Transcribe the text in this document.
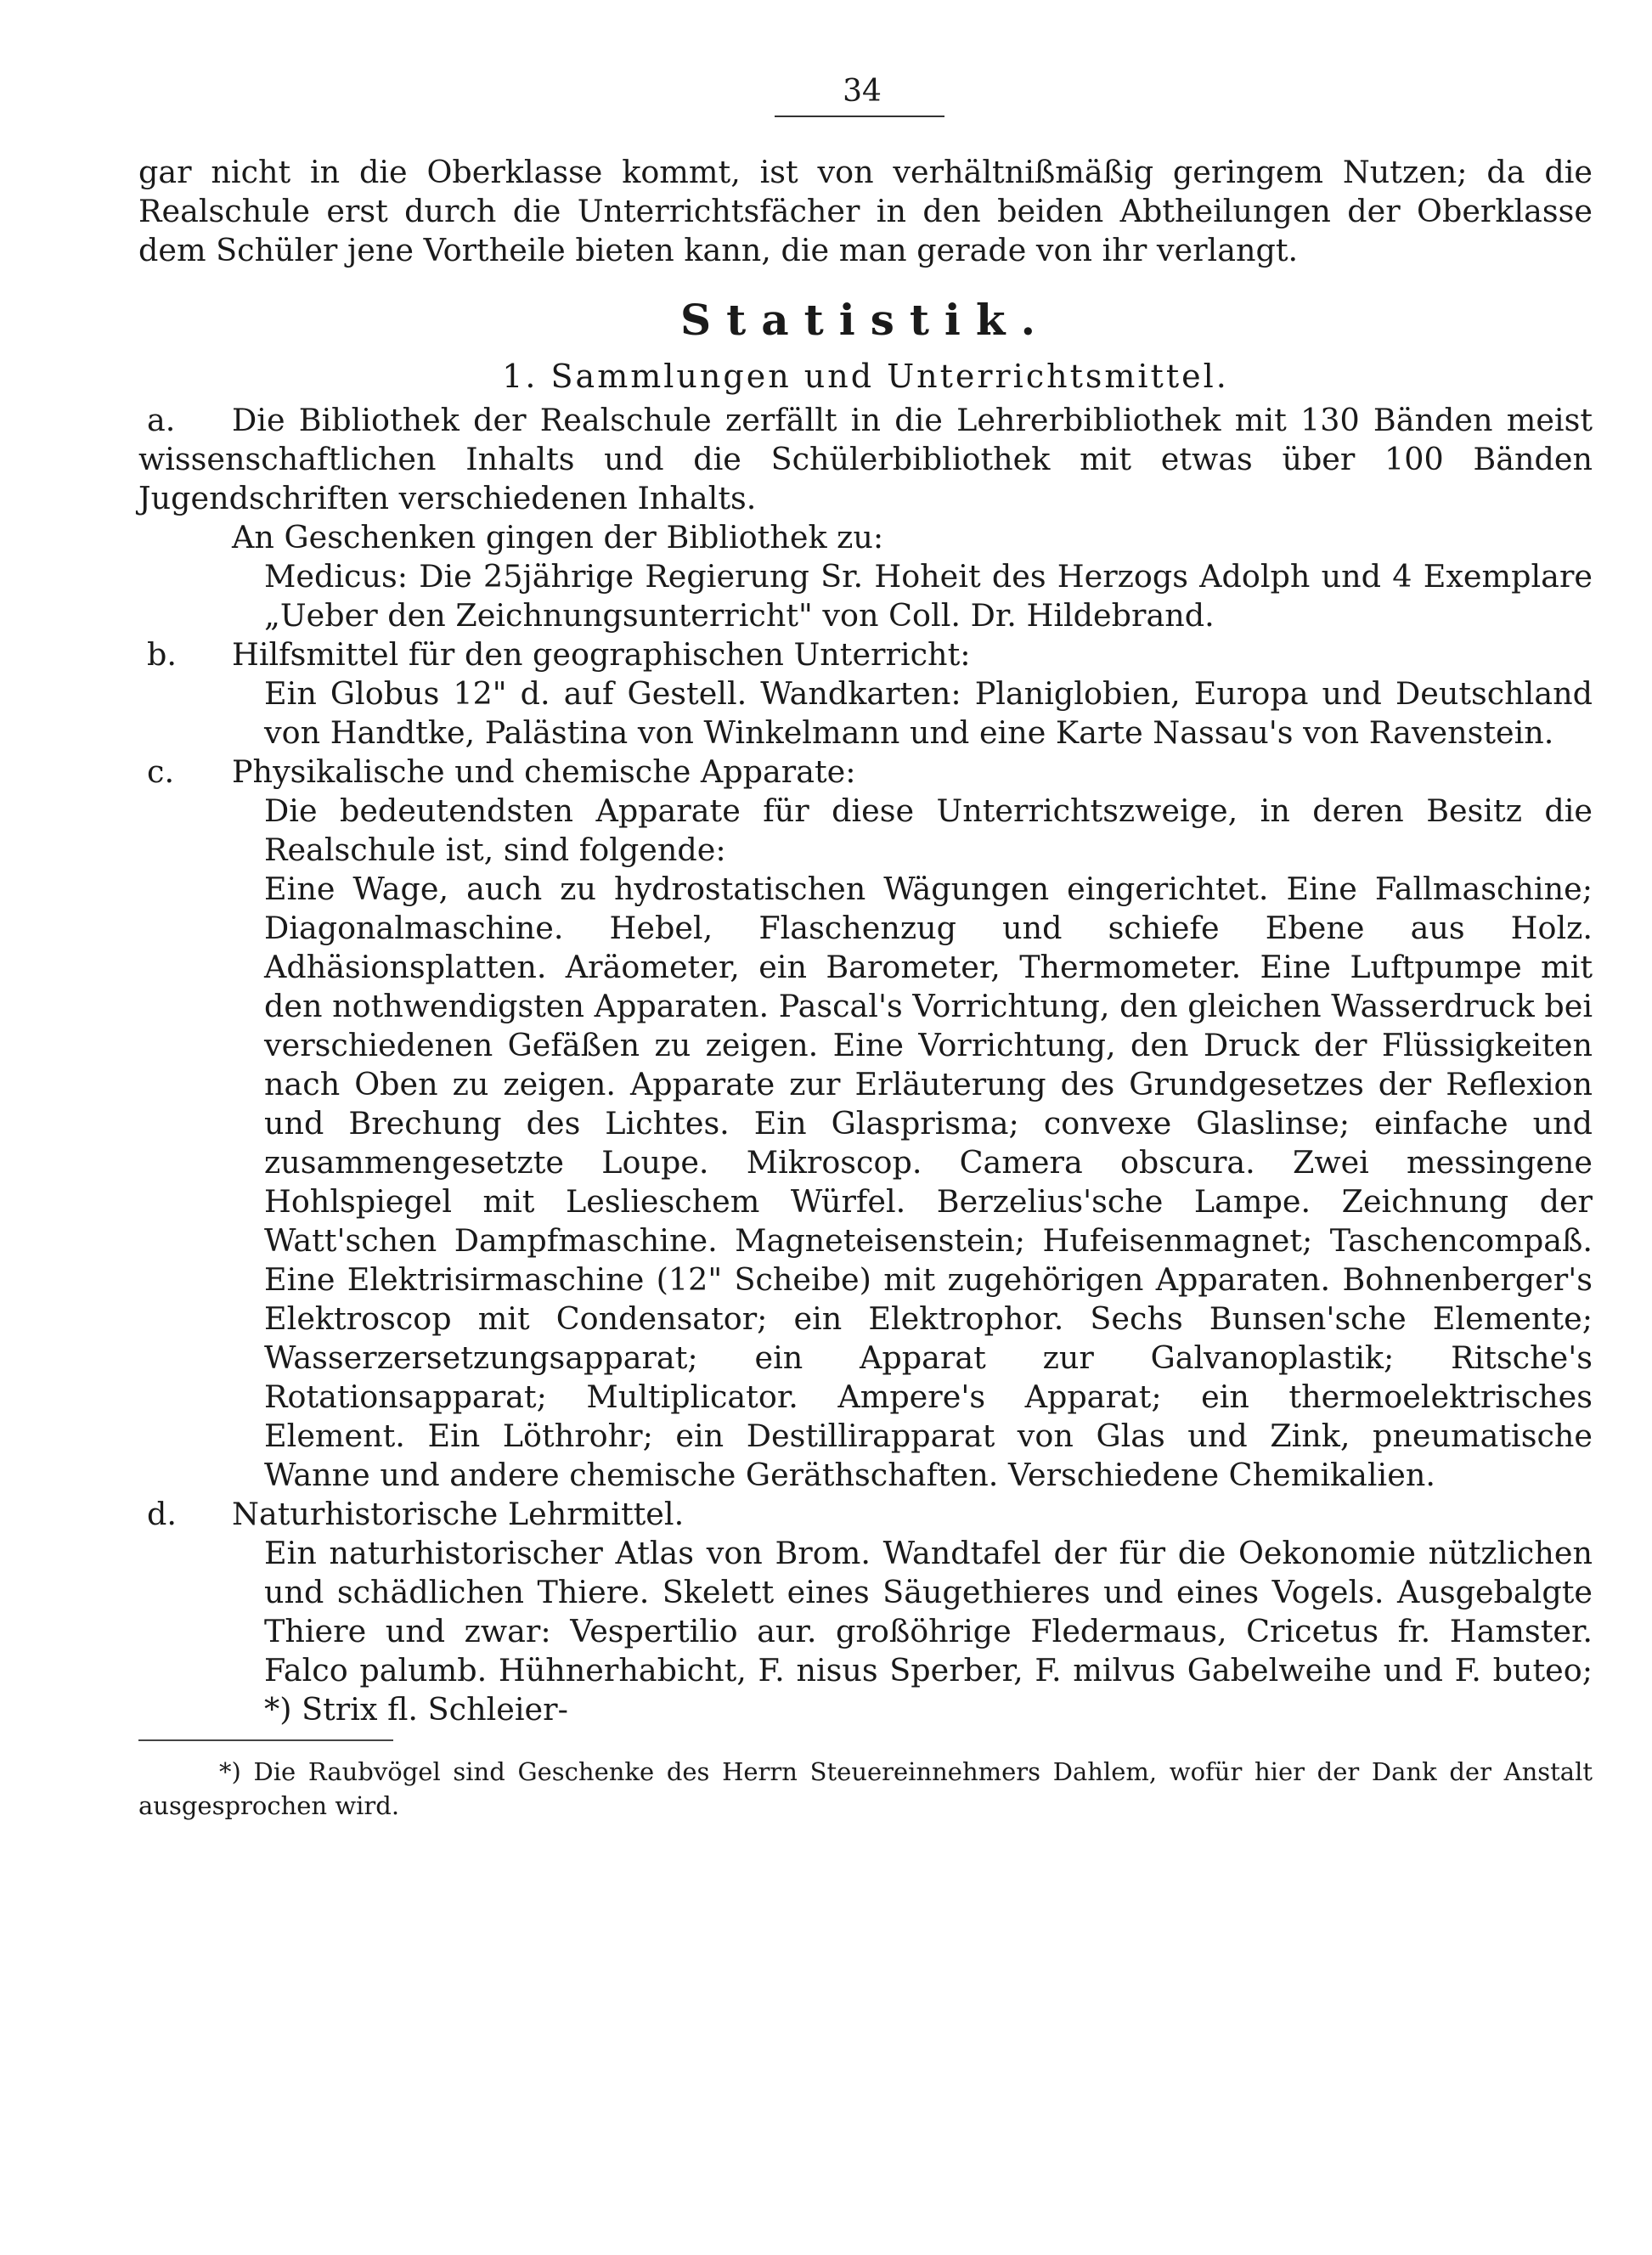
34

gar nicht in die Oberklasse kommt, ist von verhältnißmäßig geringem Nutzen; da die Realschule erst durch die Unterrichtsfächer in den beiden Abtheilungen der Oberklasse dem Schüler jene Vortheile bieten kann, die man gerade von ihr verlangt.

Statistik.

1. Sammlungen und Unterrichtsmittel.

a. Die Bibliothek der Realschule zerfällt in die Lehrerbibliothek mit 130 Bänden meist wissenschaftlichen Inhalts und die Schülerbibliothek mit etwas über 100 Bänden Jugendschriften verschiedenen Inhalts.

An Geschenken gingen der Bibliothek zu:

Medicus: Die 25jährige Regierung Sr. Hoheit des Herzogs Adolph und 4 Exemplare „Ueber den Zeichnungsunterricht" von Coll. Dr. Hildebrand.

b. Hilfsmittel für den geographischen Unterricht:

Ein Globus 12" d. auf Gestell. Wandkarten: Planiglobien, Europa und Deutschland von Handtke, Palästina von Winkelmann und eine Karte Nassau's von Ravenstein.

c. Physikalische und chemische Apparate:

Die bedeutendsten Apparate für diese Unterrichtszweige, in deren Besitz die Realschule ist, sind folgende:

Eine Wage, auch zu hydrostatischen Wägungen eingerichtet. Eine Fallmaschine; Diagonalmaschine. Hebel, Flaschenzug und schiefe Ebene aus Holz. Adhäsionsplatten. Aräometer, ein Barometer, Thermometer. Eine Luftpumpe mit den nothwendigsten Apparaten. Pascal's Vorrichtung, den gleichen Wasserdruck bei verschiedenen Gefäßen zu zeigen. Eine Vorrichtung, den Druck der Flüssigkeiten nach Oben zu zeigen. Apparate zur Erläuterung des Grundgesetzes der Reflexion und Brechung des Lichtes. Ein Glasprisma; convexe Glaslinse; einfache und zusammengesetzte Loupe. Mikroscop. Camera obscura. Zwei messingene Hohlspiegel mit Leslieschem Würfel. Berzelius'sche Lampe. Zeichnung der Watt'schen Dampfmaschine. Magneteisenstein; Hufeisenmagnet; Taschencompaß. Eine Elektrisirmaschine (12" Scheibe) mit zugehörigen Apparaten. Bohnenberger's Elektroscop mit Condensator; ein Elektrophor. Sechs Bunsen'sche Elemente; Wasserzersetzungsapparat; ein Apparat zur Galvanoplastik; Ritsche's Rotationsapparat; Multiplicator. Ampere's Apparat; ein thermoelektrisches Element. Ein Löthrohr; ein Destillirapparat von Glas und Zink, pneumatische Wanne und andere chemische Geräthschaften. Verschiedene Chemikalien.

d. Naturhistorische Lehrmittel.

Ein naturhistorischer Atlas von Brom. Wandtafel der für die Oekonomie nützlichen und schädlichen Thiere. Skelett eines Säugethieres und eines Vogels. Ausgebalgte Thiere und zwar: Vespertilio aur. großöhrige Fledermaus, Cricetus fr. Hamster. Falco palumb. Hühnerhabicht, F. nisus Sperber, F. milvus Gabelweihe und F. buteo; *) Strix fl. Schleier-

*) Die Raubvögel sind Geschenke des Herrn Steuereinnehmers Dahlem, wofür hier der Dank der Anstalt ausgesprochen wird.
